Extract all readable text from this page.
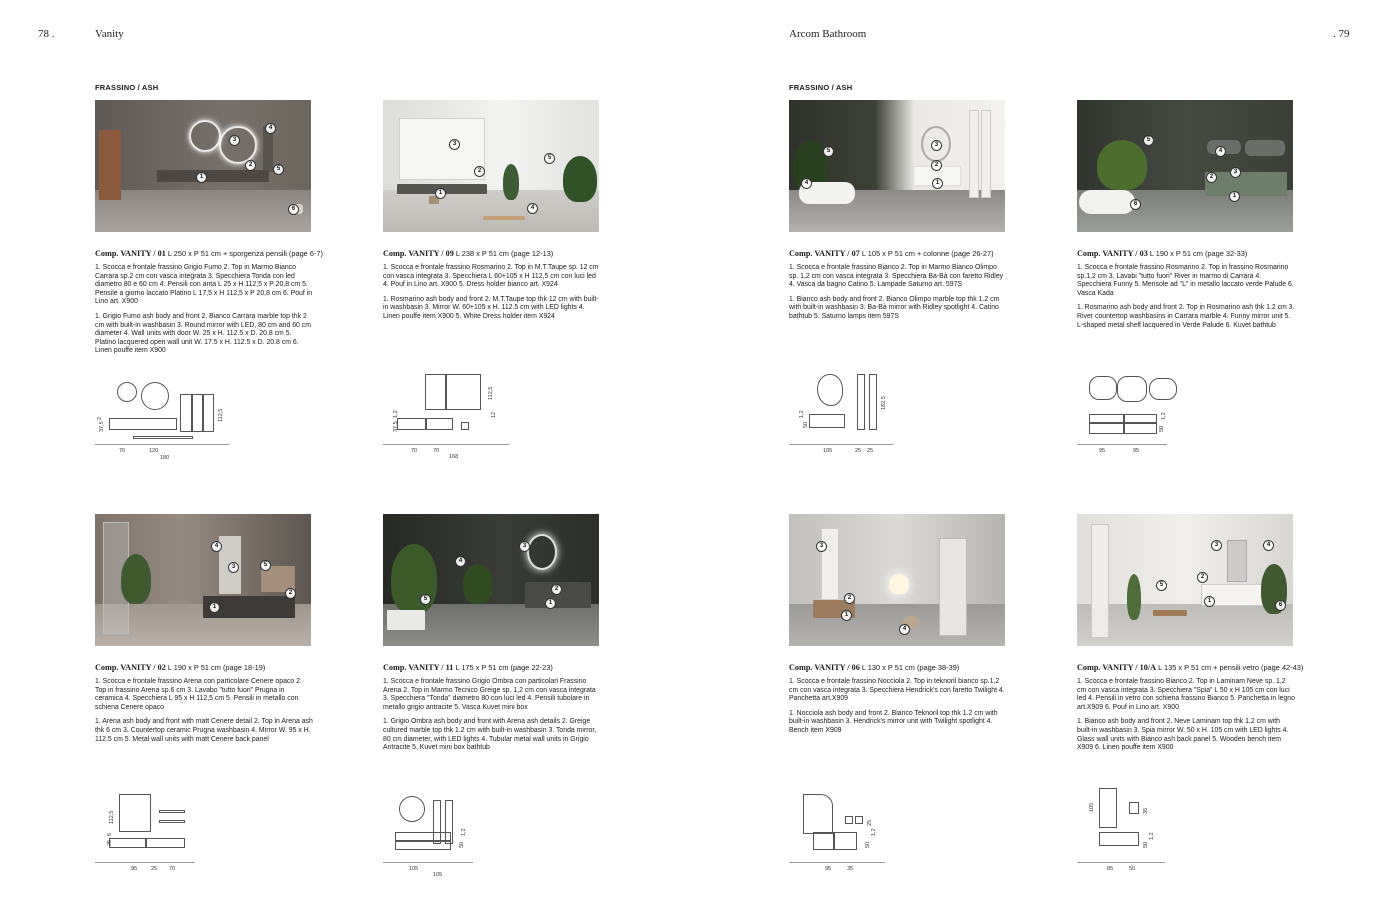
78 .	Vanity	Arcom Bathroom	. 79
FRASSINO / ASH	FRASSINO / ASH
4
3
2
5
1
6
Comp. VANITY / 01 L 250 x P 51 cm + sporgenza pensili (page 6-7)
1. Scocca e frontale frassino Grigio Fumo 2. Top in Marmo Bianco Carrara sp.2 cm con vasca integrata 3. Specchiera Tonda con led diametro 80 e 60 cm 4. Pensili con anta L 25 x H 112,5 x P 20,8 cm 5. Pensile a giorno laccato Platino L 17,5 x H 112,5 x P 20,8 cm 6. Pouf in Lino art. X900
1. Grigio Fumo ash body and front 2. Bianco Carrara marble top thk 2 cm with built-in washbasin 3. Round mirror with LED, 80 cm and 60 cm diameter 4. Wall units with door W. 25 x H. 112.5 x D. 20.8 cm 5. Platino lacquered open wall unit W. 17.5 x H. 112.5 x D. 20.8 cm 6. Linen pouffe item X900
70	120
180
112,5
37,5
2
3
5
2
1
4
Comp. VANITY / 09 L 238 x P 51 cm (page 12-13)
1. Scocca e frontale frassino Rosmarino 2. Top in M.T.Taupe sp. 12 cm con vasca integrata 3. Specchiera L 60+105 x H 112,5 cm con luci led 4. Pouf in Lino art. X900 5. Dress holder bianco art. X924
1. Rosmarino ash body and front 2. M.T.Taupe top thk 12 cm with built-in washbasin 3. Mirror W. 60+105 x H. 112.5 cm with LED lights 4. Linen pouffe item X900 5. White Dress holder item X924
70	70
168
112,5
12
37,5
1,2
5
3
2
1
4
Comp. VANITY / 07 L 105 x P 51 cm + colonne (page 26-27)
1. Scocca e frontale frassino Bianco 2. Top in Marmo Bianco Olimpo sp. 1,2 cm con vasca integrata 3. Specchiera Ba-Bà con faretto Ridley 4. Vasca da bagno Catino 5. Lampade Saturno art. 597S
1. Bianco ash body and front 2. Bianco Olimpo marble top thk 1.2 cm with built-in washbasin 3. Ba-Bà mirror with Ridley spotlight 4. Catino bathtub 5. Saturno lamps item 597S
105	25 25
182,5
50
1,2
5
4
3
2
1
6
Comp. VANITY / 03 L 190 x P 51 cm (page 32-33)
1. Scocca e frontale frassino Rosmarino 2. Top in frassino Rosmarino sp.1,2 cm 3. Lavabi "tutto fuori" River in marmo di Carrara 4. Specchiera Funny 5. Mensole ad "L" in metallo laccato verde Palude 6. Vasca Kada
1. Rosmarino ash body and front 2. Top in Rosmarino ash thk 1.2 cm 3. River countertop washbasins in Carrara marble 4. Funny mirror unit 5. L-shaped metal shelf lacquered in Verde Palude 6. Kuvet bathtub
95	95
50
1,2
4
3	5
2
1
Comp. VANITY / 02 L 190 x P 51 cm (page 18-19)
1. Scocca e frontale frassino Arena con particolare Cenere opaco 2. Top in frassino Arena sp.6 cm 3. Lavabo "tutto fuori" Prugna in ceramica 4. Specchiera L 95 x H 112,5 cm 5. Pensili in metallo con schiena Cenere opaco
1. Arena ash body and front with matt Cenere detail 2. Top in Arena ash thk 6 cm 3. Countertop ceramic Prugna washbasin 4. Mirror W. 95 x H. 112.5 cm 5. Metal wall units with matt Cenere back panel
95	25 70
112,5
25
6
3
4
5
2
1
Comp. VANITY / 11 L 175 x P 51 cm (page 22-23)
1. Scocca e frontale frassino Grigio Ombra con particolari Frassino Arena 2. Top in Marmo Tecnico Greige sp. 1,2 cm con vasca integrata 3. Specchiera "Tonda" diametro 80 con luci led 4. Pensili tubolare in metallo grigio antracite 5. Vasca Kuvet mini box
1. Grigio Ombra ash body and front with Arena ash details 2. Greige cultured marble top thk 1.2 cm with built-in washbasin 3. Tonda mirror, 80 cm diameter, with LED lights 4. Tubular metal wall units in Grigio Antracite 5. Kuvet mini box bathtub
105
105
50
1,2
3
2
4
1
Comp. VANITY / 06 L 130 x P 51 cm (page 38-39)
1. Scocca e frontale frassino Nocciola 2. Top in teknoril bianco sp.1,2 cm con vasca integrata 3. Specchiera Hendrick's con faretto Twilight 4. Panchetta art.X909
1. Nocciola ash body and front 2. Bianco Teknoril top thk 1.2 cm with built-in washbasin 3. Hendrick's mirror unit with Twilight spotlight 4. Bench item X909
95	35
25
50
1,2
3	4
5
2
1
6
Comp. VANITY / 10/A L 135 x P 51 cm + pensili vetro (page 42-43)
1. Scocca e frontale frassino Bianco 2. Top in Laminam Neve sp. 1,2 cm con vasca integrata 3. Specchiera "Spia" L 50 x H 105 cm con luci led 4. Pensili in vetro con schiena frassino Bianco 5. Panchetta in legno art.X909 6. Pouf in Lino art. X900
1. Bianco ash body and front 2. Neve Laminam top thk 1.2 cm with built-in washbasin 3. Spia mirror W. 50 x H. 105 cm with LED lights 4. Glass wall units with Bianco ash back panel 5. Wooden bench item X909 6. Linen pouffe item X900
85	50
105	35
50
1,2
